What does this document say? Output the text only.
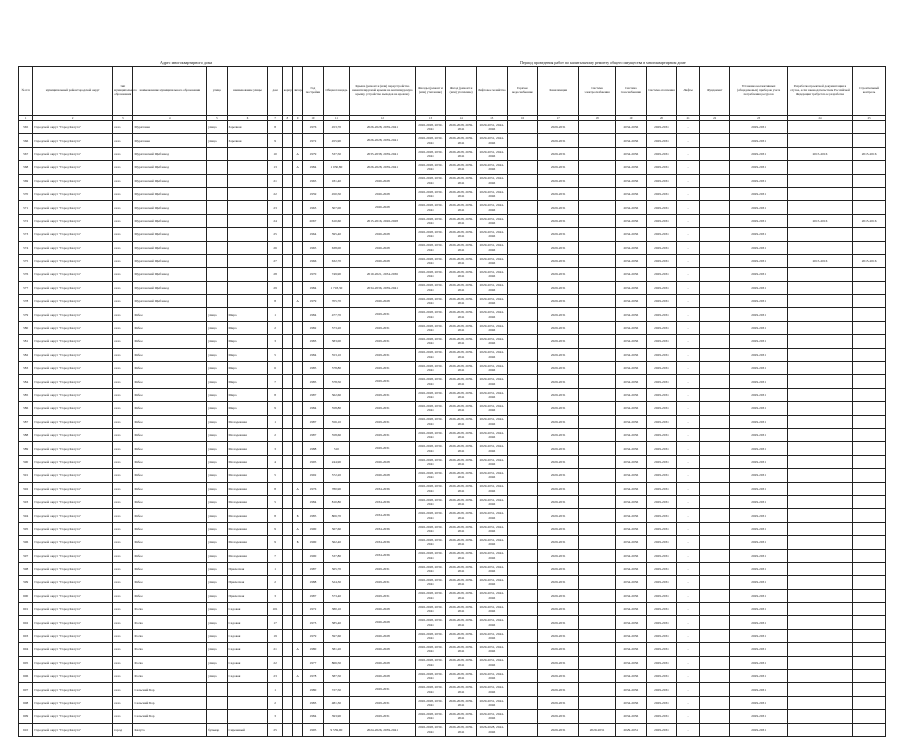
Адрес многоквартирного дома	Период проведения работ по капитальному ремонту общего имущества в многоквартирном доме
№ п/п	муниципальный район/городской округ	тип муниципального образования	наименование муниципального образования	улица	наименование улицы	дом	корпус	литера	Год постройки	Общая площадь	Крыша (ремонт и (или) переустройство невентилируемой крыши на вентилируемую крышу, устройство выходов на кровлю)	Фасады (ремонт и (или) утепление)	Фасад (ремонт и (или) утепление)	Лифтовое хозяйство	Горячее водоснабжение	Канализация	Система электроснабжения	Система газоснабжения	Система отопления	Лифты	Фундамент	Установка коллективных (общедомовых) приборов учета потребления ресурсов	Разработка проектной документации в случае, если законодательством Российской Федерации требуется ее разработка	Строительный контроль
1	2	3	4	5	6	7	8	9	10	11	12	13	14	15	16	17	18	19	20	21	22	23	24	25
565	Городской округ "Город Калуга"	село	Муратовка	улица	Заречная	8			1976	453,70	2026-2028, 2039-2041	2026-2028, 2039-2041	2026-2028, 2039-2041	2029-2031, 2044-2046		2029-2031		2034-2036	2029-2031	-		2029-2031		
566	Городской округ "Город Калуга"	село	Муратовка	улица	Заречная	9			1972	455,90	2026-2028, 2039-2041	2026-2028, 2039-2041	2026-2028, 2039-2041	2029-2031, 2044-2046		2029-2031		2034-2036	2029-2031	-		2029-2031		
567	Городской округ "Город Калуга"	село	Муратовский Щебзавод			10		А	1979	537,50	2035-2038, 2039-2041	2026-2028, 2039-2041	2026-2028, 2039-2041	2029-2031, 2044-2046		2029-2031		2034-2036	2029-2031	-		2029-2031	2015-2016	2015-2016
568	Городской округ "Город Калуга"	село	Муратовский Щебзавод			13		А	1984	1 030,80	2026-2028, 2039-2041	2026-2028, 2039-2041	2026-2028, 2039-2041	2029-2031, 2044-2046		2029-2031		2034-2036	2029-2031	-		2029-2031		
569	Городской округ "Город Калуга"	село	Муратовский Щебзавод			21			1965	181,40	2026-2028	2026-2028, 2039-2041	2026-2028, 2039-2041	2029-2031, 2044-2046		2029-2031		2034-2036	2029-2031	-		2029-2031		
570	Городской округ "Город Калуга"	село	Муратовский Щебзавод			22			1959	450,50	2026-2028	2026-2028, 2039-2041	2026-2028, 2039-2041	2029-2031, 2044-2046		2029-2031		2034-2036	2029-2031	-		2029-2031		
571	Городской округ "Город Калуга"	село	Муратовский Щебзавод			23			1963	507,00	2026-2028	2026-2028, 2039-2041	2026-2028, 2039-2041	2029-2031, 2044-2046		2029-2031		2034-2036	2029-2031	-		2029-2031		
572	Городской округ "Город Калуга"	село	Муратовский Щебзавод			24			2067	610,60	2015-2016, 2026-2028	2026-2028, 2039-2041	2026-2028, 2039-2041	2029-2031, 2044-2046		2029-2031		2034-2036	2029-2031	-		2029-2031	2015-2016	2015-2016
573	Городской округ "Город Калуга"	село	Муратовский Щебзавод			25			1964	595,40	2026-2028	2026-2028, 2039-2041	2026-2028, 2039-2041	2029-2031, 2044-2046		2029-2031		2034-2036	2029-2031	-		2029-2031		
574	Городской округ "Город Калуга"	село	Муратовский Щебзавод			26			1965	638,00	2026-2028	2026-2028, 2039-2041	2026-2028, 2039-2041	2029-2031, 2044-2046		2029-2031		2034-2036	2029-2031	-		2029-2031		
575	Городской округ "Город Калуга"	село	Муратовский Щебзавод			27			1966	632,70	2026-2028	2026-2028, 2039-2041	2026-2028, 2039-2041	2029-2031, 2044-2046		2029-2031		2034-2036	2029-2031	-		2029-2031	2015-2016	2015-2016
576	Городской округ "Город Калуга"	село	Муратовский Щебзавод			28			1970	749,90	2019-2021, 2034-2036	2026-2028, 2039-2041	2026-2028, 2039-2041	2029-2031, 2044-2046		2029-2031		2034-2036	2029-2031	-		2029-2031		
577	Городской округ "Город Калуга"	село	Муратовский Щебзавод			29			1984	1 718,30	2034-2036, 2039-2041	2026-2028, 2039-2041	2026-2028, 2039-2041	2029-2031, 2044-2046		2029-2031		2034-2036	2029-2031	-		2029-2031		
578	Городской округ "Город Калуга"	село	Муратовский Щебзавод			8		А	1979	705,70	2026-2028	2026-2028, 2039-2041	2026-2028, 2039-2041	2029-2031, 2044-2046		2029-2031		2034-2036	2029-2031	-		2029-2031		
579	Городской округ "Город Калуга"	село	Рябое	улица	Мира	1			1984	477,70	2029-2031	2026-2028, 2039-2041	2026-2028, 2039-2041	2029-2031, 2044-2046		2029-2031		2034-2036	2029-2031	-		2029-2031		
580	Городской округ "Город Калуга"	село	Рябое	улица	Мира	2			1982	573,20	2029-2031	2026-2028, 2039-2041	2026-2028, 2039-2041	2029-2031, 2044-2046		2029-2031		2034-2036	2029-2031	-		2029-2031		
581	Городской округ "Город Калуга"	село	Рябое	улица	Мира	3			1983	583,00	2029-2031	2026-2028, 2039-2041	2026-2028, 2039-2041	2029-2031, 2044-2046		2029-2031		2034-2036	2029-2031	-		2029-2031		
582	Городской округ "Город Калуга"	село	Рябое	улица	Мира	5			1984	553,10	2029-2031	2026-2028, 2039-2041	2026-2028, 2039-2041	2029-2031, 2044-2046		2029-2031		2034-2036	2029-2031	-		2029-2031		
583	Городской округ "Город Калуга"	село	Рябое	улица	Мира	6			1985	578,80	2029-2031	2026-2028, 2039-2041	2026-2028, 2039-2041	2029-2031, 2044-2046		2029-2031		2034-2036	2029-2031	-		2029-2031		
584	Городской округ "Город Калуга"	село	Рябое	улица	Мира	7			1985	578,50	2029-2031	2026-2028, 2039-2041	2026-2028, 2039-2041	2029-2031, 2044-2046		2029-2031		2034-2036	2029-2031	-		2029-2031		
585	Городской округ "Город Калуга"	село	Рябое	улица	Мира	8			1987	562,60	2029-2031	2026-2028, 2039-2041	2026-2028, 2039-2041	2029-2031, 2044-2046		2029-2031		2034-2036	2029-2031	-		2029-2031		
586	Городской округ "Город Калуга"	село	Рябое	улица	Мира	9			1984	558,80	2029-2031	2026-2028, 2039-2041	2026-2028, 2039-2041	2029-2031, 2044-2046		2029-2031		2034-2036	2029-2031	-		2029-2031		
587	Городской округ "Город Калуга"	село	Рябое	улица	Молодежная	1			1987	556,10	2029-2031	2026-2028, 2039-2041	2026-2028, 2039-2041	2029-2031, 2044-2046		2029-2031		2034-2036	2029-2031	-		2029-2031		
588	Городской округ "Город Калуга"	село	Рябое	улица	Молодежная	2			1987	558,60	2029-2031	2026-2028, 2039-2041	2026-2028, 2039-2041	2029-2031, 2044-2046		2029-2031		2034-2036	2029-2031	-		2029-2031		
589	Городской округ "Город Калуга"	село	Рябое	улица	Молодежная	3			1988	510	2029-2031	2026-2028, 2039-2041	2026-2028, 2039-2041	2029-2031, 2044-2046		2029-2031		2034-2036	2029-2031	-		2029-2031		
590	Городской округ "Город Калуга"	село	Рябое	улица	Молодежная	4			1995	244,90	2026-2028	2026-2028, 2039-2041	2026-2028, 2039-2041	2029-2031, 2044-2046		2029-2031		2034-2036	2029-2031	-		2029-2031		
591	Городской округ "Город Калуга"	село	Рябое	улица	Молодежная	5			1992	572,20	2026-2028	2026-2028, 2039-2041	2026-2028, 2039-2041	2029-2031, 2044-2046		2029-2031		2034-2036	2029-2031	-		2029-2031		
592	Городской округ "Город Калуга"	село	Рябое	улица	Молодежная	8		А	1976	780,90	2034-2036	2026-2028, 2039-2041	2026-2028, 2039-2041	2029-2031, 2044-2046		2029-2031		2034-2036	2029-2031	-		2029-2031		
593	Городской округ "Город Калуга"	село	Рябое	улица	Молодежная	5			1984	810,80	2034-2036	2026-2028, 2039-2041	2026-2028, 2039-2041	2029-2031, 2044-2046		2029-2031		2034-2036	2029-2031	-		2029-2031		
594	Городской округ "Город Калуга"	село	Рябое	улица	Молодежная	8		Б	1985	806,70	2034-2036	2026-2028, 2039-2041	2026-2028, 2039-2041	2029-2031, 2044-2046		2029-2031		2034-2036	2029-2031	-		2029-2031		
595	Городской округ "Город Калуга"	село	Рябое	улица	Молодежная	9		А	1990	567,60	2034-2036	2026-2028, 2039-2041	2026-2028, 2039-2041	2029-2031, 2044-2046		2029-2031		2034-2036	2029-2031	-		2029-2031		
596	Городской округ "Город Калуга"	село	Рябое	улица	Молодежная	9		Б	1990	562,40	2034-2036	2026-2028, 2039-2041	2026-2028, 2039-2041	2029-2031, 2044-2046		2029-2031		2034-2036	2029-2031	-		2029-2031		
597	Городской округ "Город Калуга"	село	Рябое	улица	Молодежная	7			1990	537,80	2034-2036	2026-2028, 2039-2041	2026-2028, 2039-2041	2029-2031, 2044-2046		2029-2031		2034-2036	2029-2031	-		2029-2031		
598	Городской округ "Город Калуга"	село	Рябое	улица	Прилесная	1			1987	565,70	2029-2031	2026-2028, 2039-2041	2026-2028, 2039-2041	2029-2031, 2044-2046		2029-2031		2034-2036	2029-2031	-		2029-2031		
599	Городской округ "Город Калуга"	село	Рябое	улица	Прилесная	2			1988	524,30	2029-2031	2026-2028, 2039-2041	2026-2028, 2039-2041	2029-2031, 2044-2046		2029-2031		2034-2036	2029-2031	-		2029-2031		
600	Городской округ "Город Калуга"	село	Рябое	улица	Прилесная	3			1987	573,40	2029-2031	2026-2028, 2039-2041	2026-2028, 2039-2041	2029-2031, 2044-2046		2029-2031		2034-2036	2029-2031	-		2029-2031		
601	Городской округ "Город Калуга"	село	Росва	улица	Садовая	101			1972	380,10	2026-2028	2026-2028, 2039-2041	2026-2028, 2039-2041	2029-2031, 2044-2046		2029-2031		2034-2036	2029-2031	-		2029-2031		
602	Городской округ "Город Калуга"	село	Росва	улица	Садовая	17			1973	585,40	2026-2028	2026-2028, 2039-2041	2026-2028, 2039-2041	2029-2031, 2044-2046		2029-2031		2034-2036	2029-2031	-		2029-2031		
603	Городской округ "Город Калуга"	село	Росва	улица	Садовая	19			1979	597,60	2026-2028	2026-2028, 2039-2041	2026-2028, 2039-2041	2029-2031, 2044-2046		2029-2031		2034-2036	2029-2031	-		2029-2031		
604	Городской округ "Город Калуга"	село	Росва	улица	Садовая	21		А	1980	581,20	2026-2028	2026-2028, 2039-2041	2026-2028, 2039-2041	2029-2031, 2044-2046		2029-2031		2034-2036	2029-2031	-		2029-2031		
605	Городской округ "Город Калуга"	село	Росва	улица	Садовая	22			1977	866,50	2026-2028	2026-2028, 2039-2041	2026-2028, 2039-2041	2029-2031, 2044-2046		2029-2031		2034-2036	2029-2031	-		2029-2031		
606	Городской округ "Город Калуга"	село	Росва	улица	Садовая	23		А	1978	587,50	2026-2028	2026-2028, 2039-2041	2026-2028, 2039-2041	2029-2031, 2044-2046		2029-2031		2034-2036	2029-2031	-		2029-2031		
607	Городской округ "Город Калуга"	село	Сельский Бор			1			1980	727,50	2029-2031	2026-2028, 2039-2041	2026-2028, 2039-2041	2029-2031, 2044-2046		2029-2031		2034-2036	2029-2031	-		2029-2031		
608	Городской округ "Город Калуга"	село	Сельский Бор			2			1983	481,30	2029-2031	2026-2028, 2039-2041	2026-2028, 2039-2041	2029-2031, 2044-2046		2029-2031		2034-2036	2029-2031	-		2029-2031		
609	Городской округ "Город Калуга"	село	Сельский Бор			3			1984	393,90	2029-2031	2026-2028, 2039-2041	2026-2028, 2039-2041	2029-2031, 2044-2046		2029-2031		2034-2036	2029-2031	-		2029-2031		
610	Городской округ "Город Калуга"	город	Калуга	бульвар	Сиреневый	25			1995	9 559,90	2024-2026, 2039-2041	2026-2028, 2039-2041	2026-2028, 2039-2041	2026-2028, 2044-2046		2029-2031	2029-2031	2029-2031	2029-2031	-		2029-2031		
